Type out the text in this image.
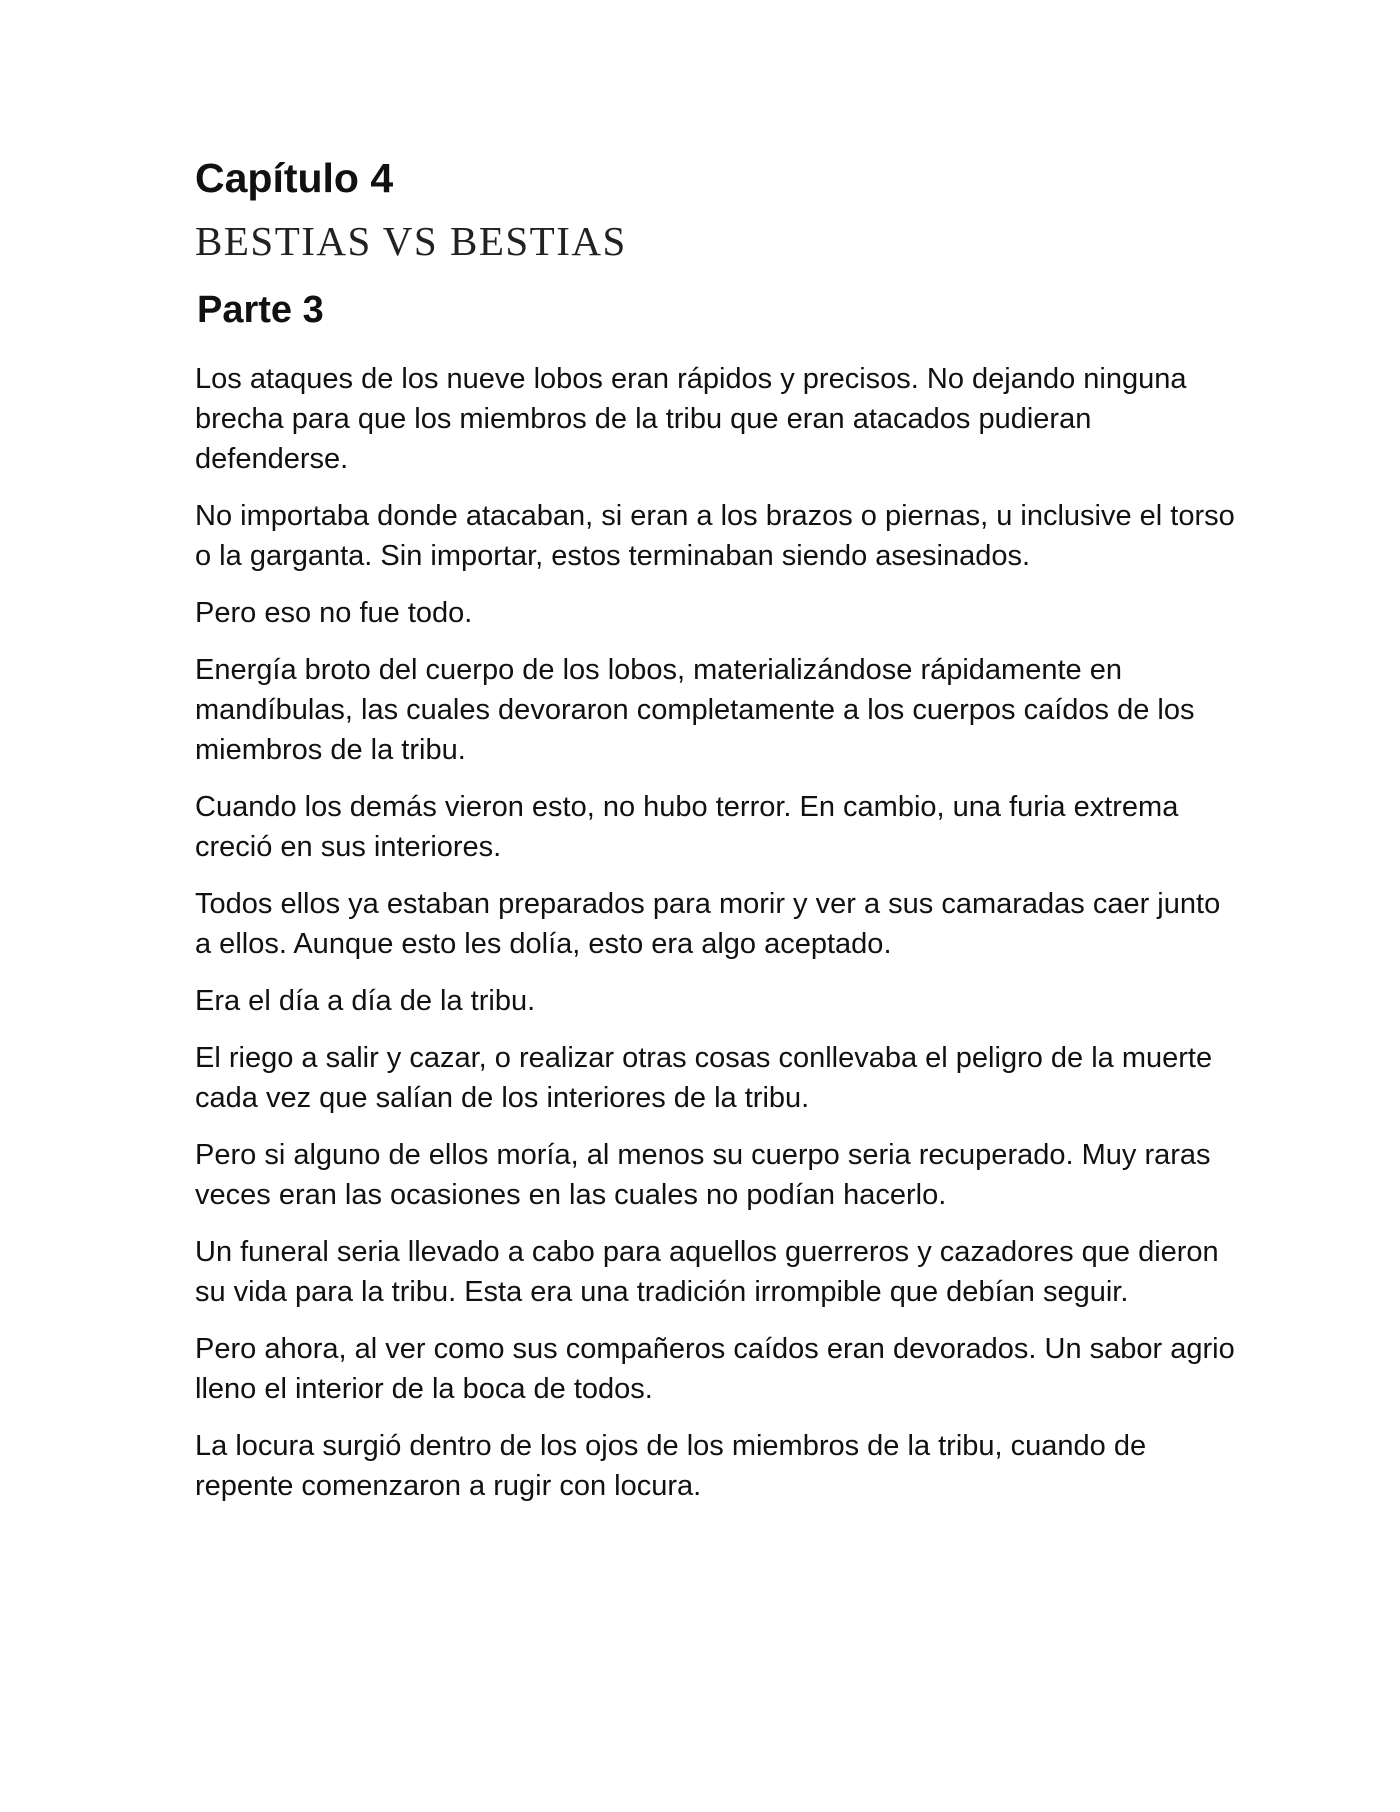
Capítulo 4
BESTIAS VS BESTIAS
Parte 3

Los ataques de los nueve lobos eran rápidos y precisos. No dejando ninguna brecha para que los miembros de la tribu que eran atacados pudieran defenderse.

No importaba donde atacaban, si eran a los brazos o piernas, u inclusive el torso o la garganta. Sin importar, estos terminaban siendo asesinados.

Pero eso no fue todo.

Energía broto del cuerpo de los lobos, materializándose rápidamente en mandíbulas, las cuales devoraron completamente a los cuerpos caídos de los miembros de la tribu.

Cuando los demás vieron esto, no hubo terror. En cambio, una furia extrema creció en sus interiores.

Todos ellos ya estaban preparados para morir y ver a sus camaradas caer junto a ellos. Aunque esto les dolía, esto era algo aceptado.

Era el día a día de la tribu.

El riego a salir y cazar, o realizar otras cosas conllevaba el peligro de la muerte cada vez que salían de los interiores de la tribu.

Pero si alguno de ellos moría, al menos su cuerpo seria recuperado. Muy raras veces eran las ocasiones en las cuales no podían hacerlo.

Un funeral seria llevado a cabo para aquellos guerreros y cazadores que dieron su vida para la tribu. Esta era una tradición irrompible que debían seguir.

Pero ahora, al ver como sus compañeros caídos eran devorados. Un sabor agrio lleno el interior de la boca de todos.

La locura surgió dentro de los ojos de los miembros de la tribu, cuando de repente comenzaron a rugir con locura.
